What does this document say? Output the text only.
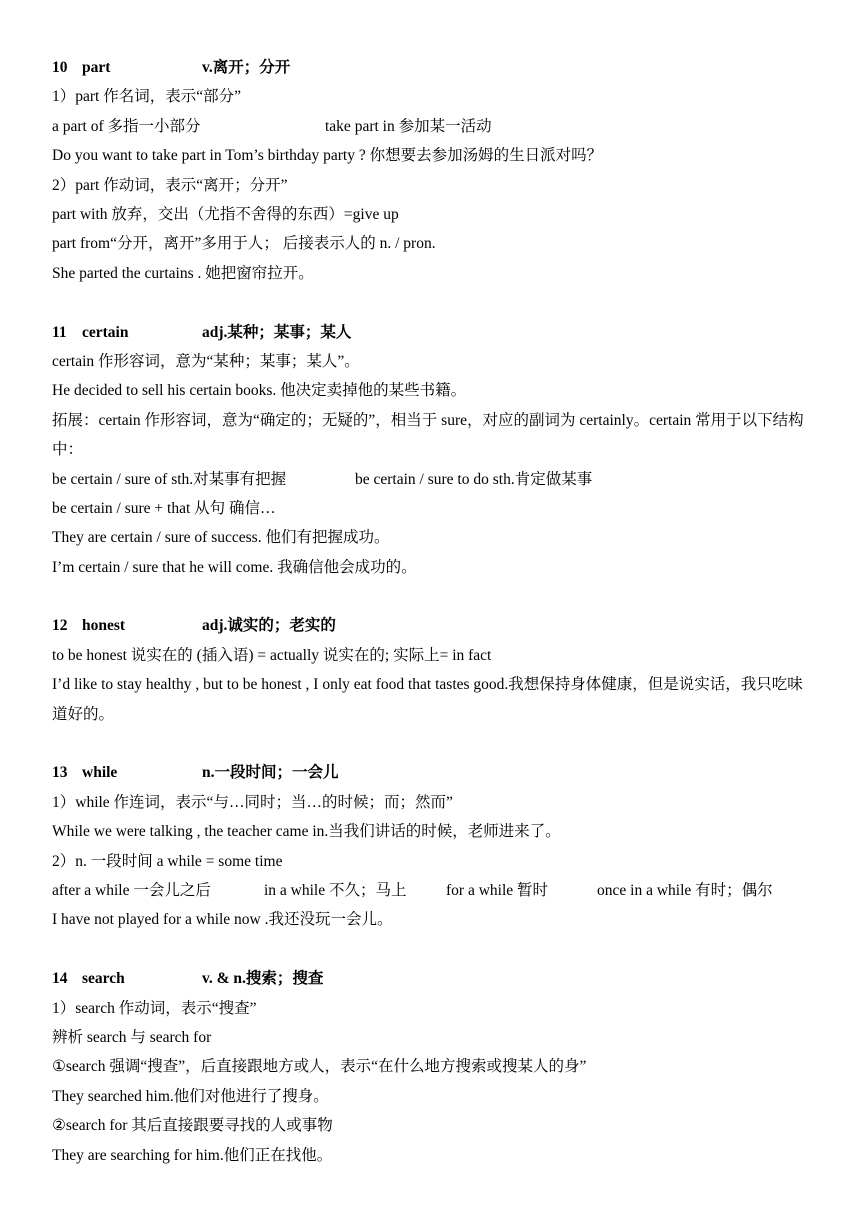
10 part	v.离开；分开
1）part 作名词，表示“部分”
a part of 多指一小部分	take part in 参加某一活动
Do you want to take part in Tom’s birthday party ? 你想要去参加汤姆的生日派对吗？
2）part 作动词，表示“离开；分开”
part with 放弃，交出（尤指不舍得的东西）=give up
part from“分开，离开”多用于人； 后接表示人的 n. / pron.
She parted the curtains . 她把窗帘拉开。
11 certain	adj.某种；某事；某人
certain 作形容词，意为“某种；某事；某人”。
He decided to sell his certain books. 他决定卖掉他的某些书籍。
拓展：certain 作形容词，意为“确定的；无疑的”，相当于 sure，对应的副词为 certainly。certain 常用于以下结构中：
be certain / sure of sth.对某事有把握	be certain / sure to do sth.肯定做某事
be certain / sure + that 从句 确信…
They are certain / sure of success. 他们有把握成功。
I’m certain / sure that he will come. 我确信他会成功的。
12 honest	adj.诚实的；老实的
to be honest 说实在的 (插入语) = actually 说实在的; 实际上= in fact
I’d like to stay healthy , but to be honest , I only eat food that tastes good.我想保持身体健康，但是说实话，我只吃味道好的。
13 while	n.一段时间；一会儿
1）while 作连词，表示“与…同时；当…的时候；而；然而”
While we were talking , the teacher came in.当我们讲话的时候，老师进来了。
2）n. 一段时间 a while = some time
after a while 一会儿之后	in a while 不久；马上	for a while 暂时	once in a while 有时；偶尔
I have not played for a while now .我还没玩一会儿。
14 search	v. & n.搜索；搜查
1）search 作动词，表示“搜查”
辨析 search 与 search for
①search 强调“搜查”，后直接跟地方或人，表示“在什么地方搜索或搜某人的身”
They searched him.他们对他进行了搜身。
②search for 其后直接跟要寻找的人或事物
They are searching for him.他们正在找他。
